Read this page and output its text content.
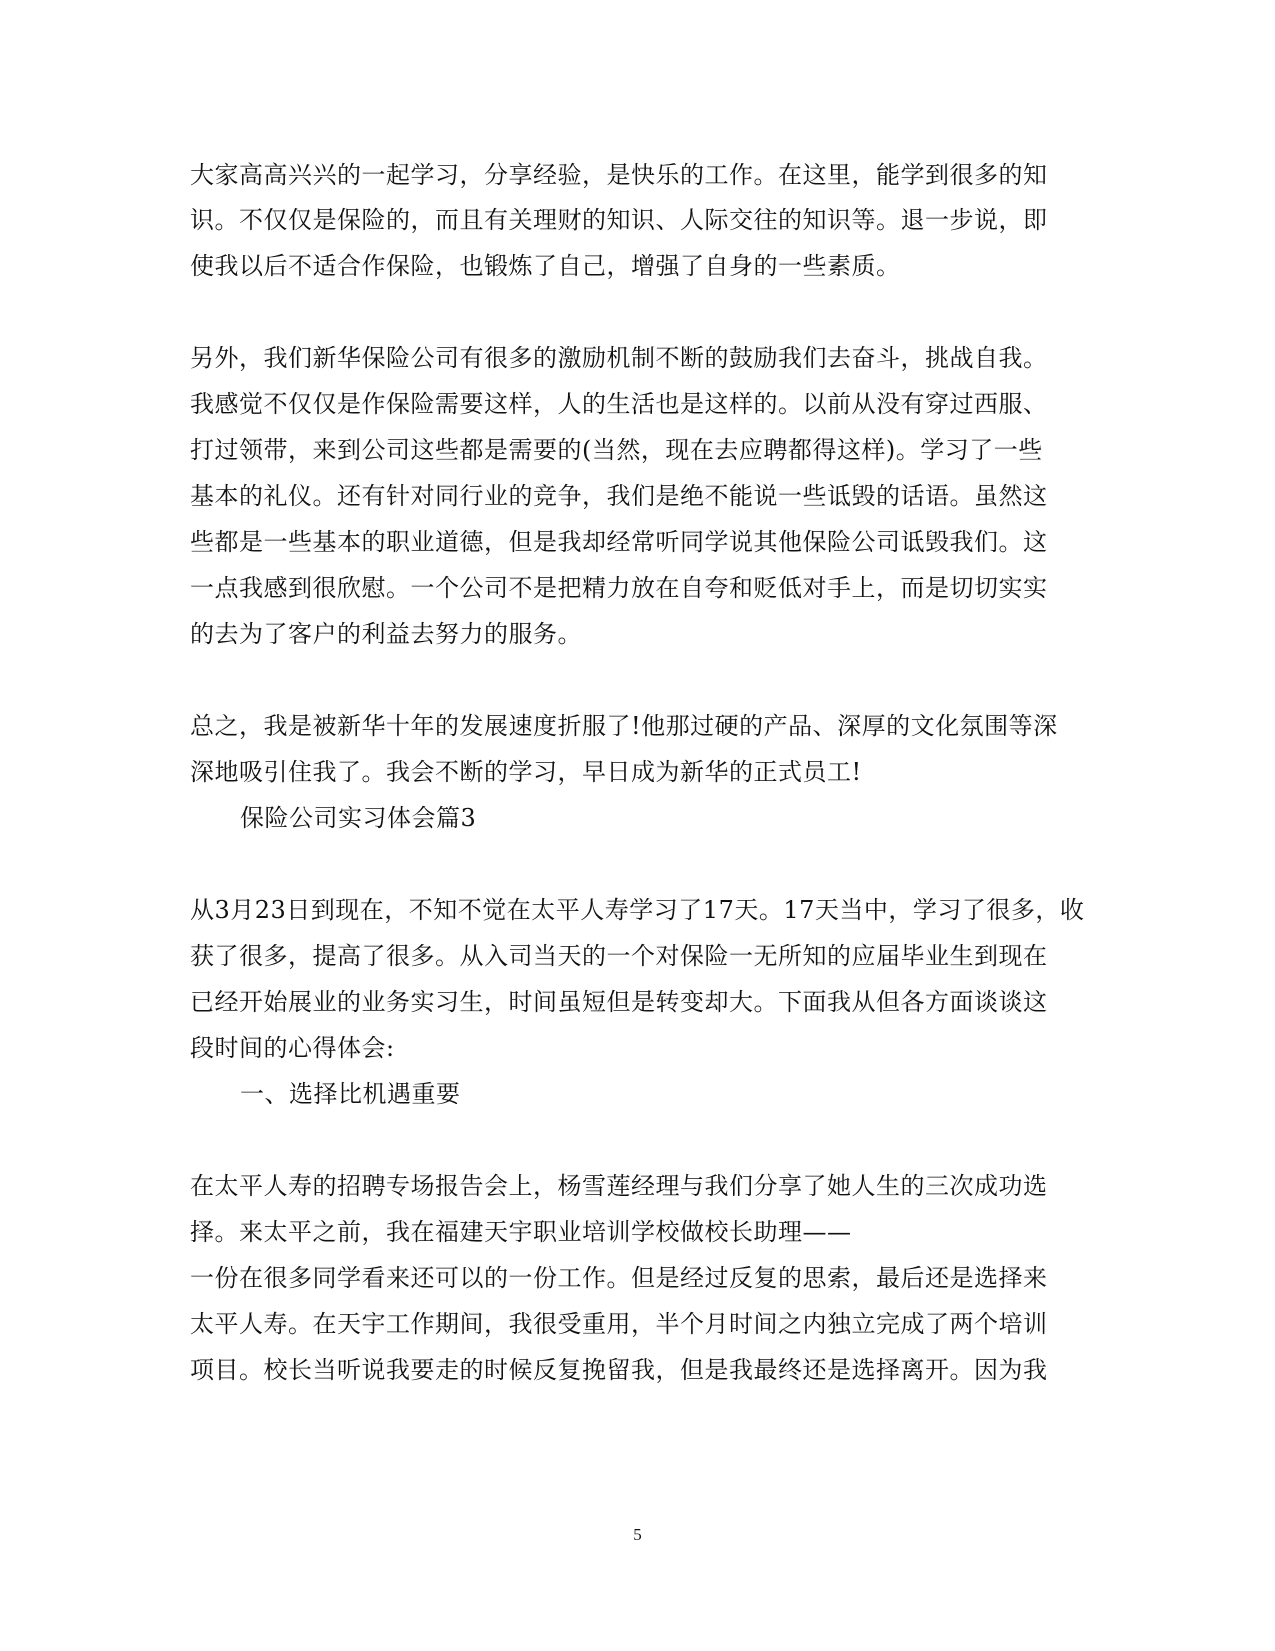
大家高高兴兴的一起学习，分享经验，是快乐的工作。在这里，能学到很多的知
识。不仅仅是保险的，而且有关理财的知识、人际交往的知识等。退一步说，即
使我以后不适合作保险，也锻炼了自己，增强了自身的一些素质。
另外，我们新华保险公司有很多的激励机制不断的鼓励我们去奋斗，挑战自我。
我感觉不仅仅是作保险需要这样，人的生活也是这样的。以前从没有穿过西服、
打过领带，来到公司这些都是需要的(当然，现在去应聘都得这样)。学习了一些
基本的礼仪。还有针对同行业的竞争，我们是绝不能说一些诋毁的话语。虽然这
些都是一些基本的职业道德，但是我却经常听同学说其他保险公司诋毁我们。这
一点我感到很欣慰。一个公司不是把精力放在自夸和贬低对手上，而是切切实实
的去为了客户的利益去努力的服务。
总之，我是被新华十年的发展速度折服了!他那过硬的产品、深厚的文化氛围等深
深地吸引住我了。我会不断的学习，早日成为新华的正式员工!
保险公司实习体会篇3
从3月23日到现在，不知不觉在太平人寿学习了17天。17天当中，学习了很多，收
获了很多，提高了很多。从入司当天的一个对保险一无所知的应届毕业生到现在
已经开始展业的业务实习生，时间虽短但是转变却大。下面我从但各方面谈谈这
段时间的心得体会:
一、选择比机遇重要
在太平人寿的招聘专场报告会上，杨雪莲经理与我们分享了她人生的三次成功选
择。来太平之前，我在福建天宇职业培训学校做校长助理——
一份在很多同学看来还可以的一份工作。但是经过反复的思索，最后还是选择来
太平人寿。在天宇工作期间，我很受重用，半个月时间之内独立完成了两个培训
项目。校长当听说我要走的时候反复挽留我，但是我最终还是选择离开。因为我
5
